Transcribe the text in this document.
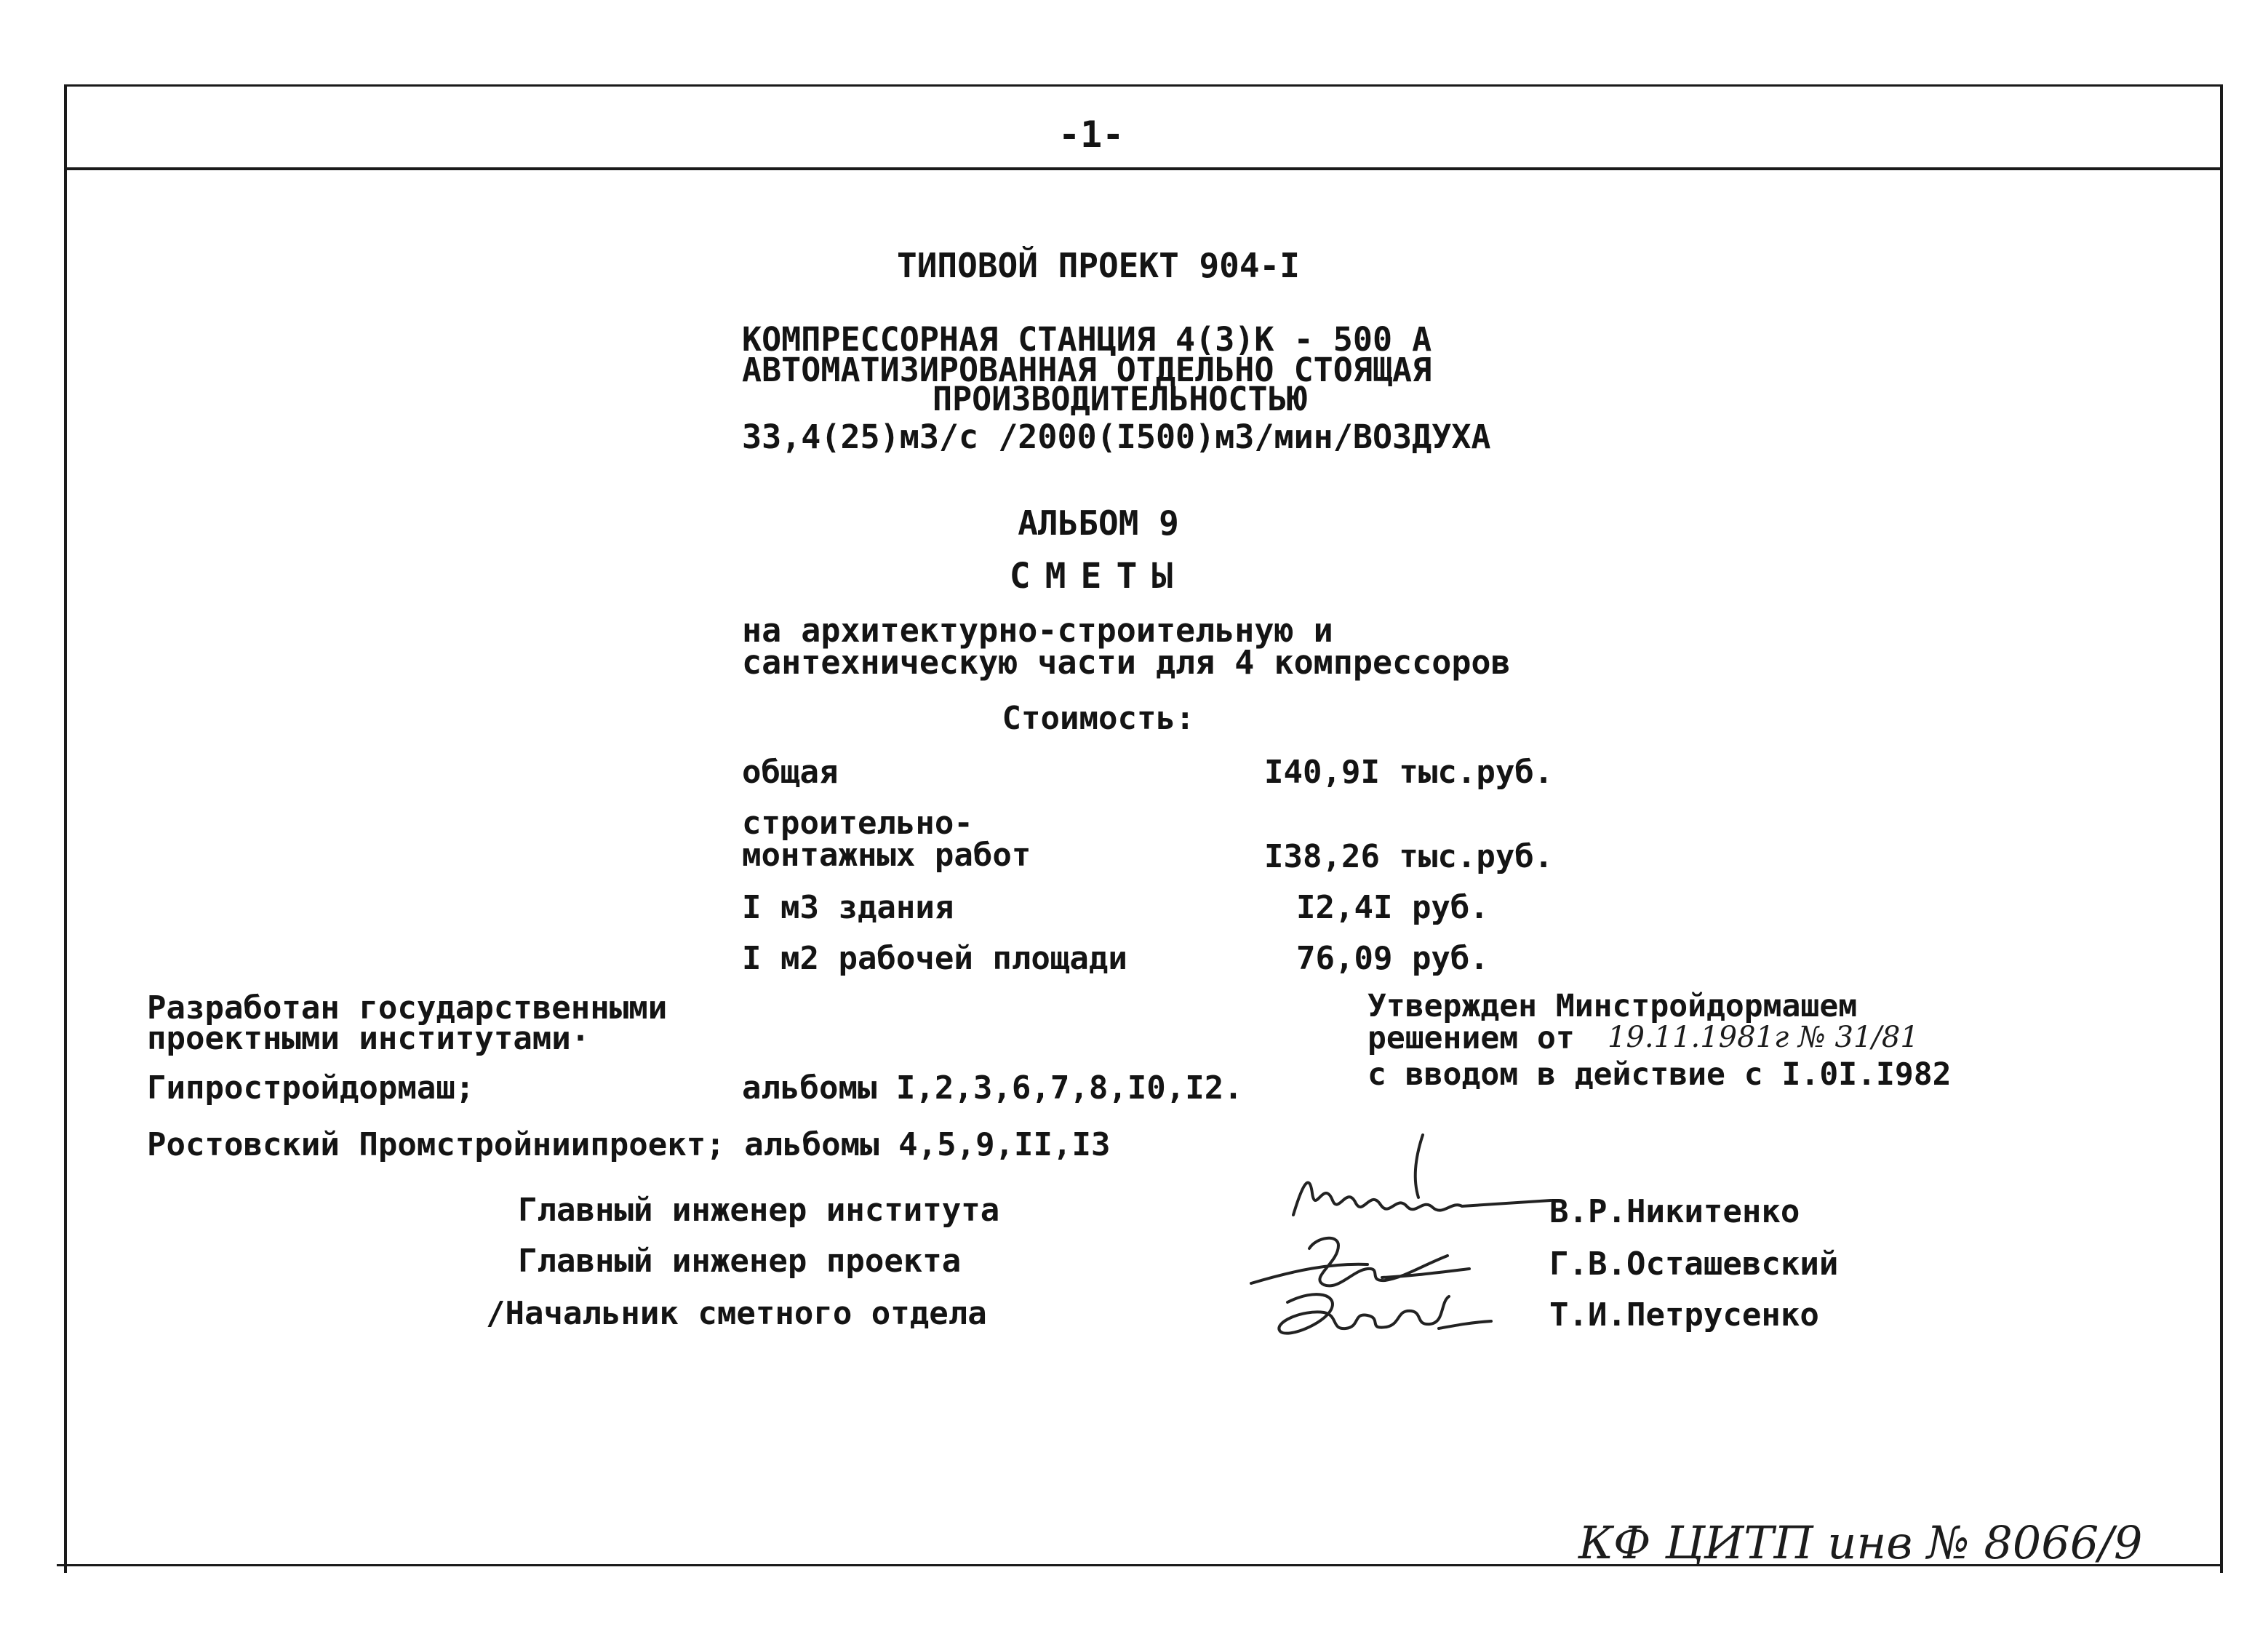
-1-
ТИПОВОЙ ПРОЕКТ 904-I
КОМПРЕССОРНАЯ СТАНЦИЯ 4(3)К - 500 А
АВТОМАТИЗИРОВАННАЯ ОТДЕЛЬНО СТОЯЩАЯ
ПРОИЗВОДИТЕЛЬНОСТЬЮ
33,4(25)м3/с /2000(I500)м3/мин/ВОЗДУХА
АЛЬБОМ 9
СМЕТЫ
на архитектурно-строительную и
сантехническую части для 4 компрессоров
Стоимость:
общая	I40,9I тыс.руб.
строительно-
монтажных работ	I38,26 тыс.руб.
I м3 здания	I2,4I руб.
I м2 рабочей площади	76,09 руб.
Разработан государственными
проектными институтами·
Гипростройдормаш;	альбомы I,2,3,6,7,8,I0,I2.
Ростовский Промстройниипроект; альбомы 4,5,9,II,I3
Утвержден Минстройдормашем
решением от 19.11.1981г № 31/81
с вводом в действие с I.0I.I982
Главный инженер института	В.Р.Никитенко
Главный инженер проекта	Г.В.Осташевский
/Начальник сметного отдела	Т.И.Петрусенко
КФ ЦИТП инв № 8066/9
